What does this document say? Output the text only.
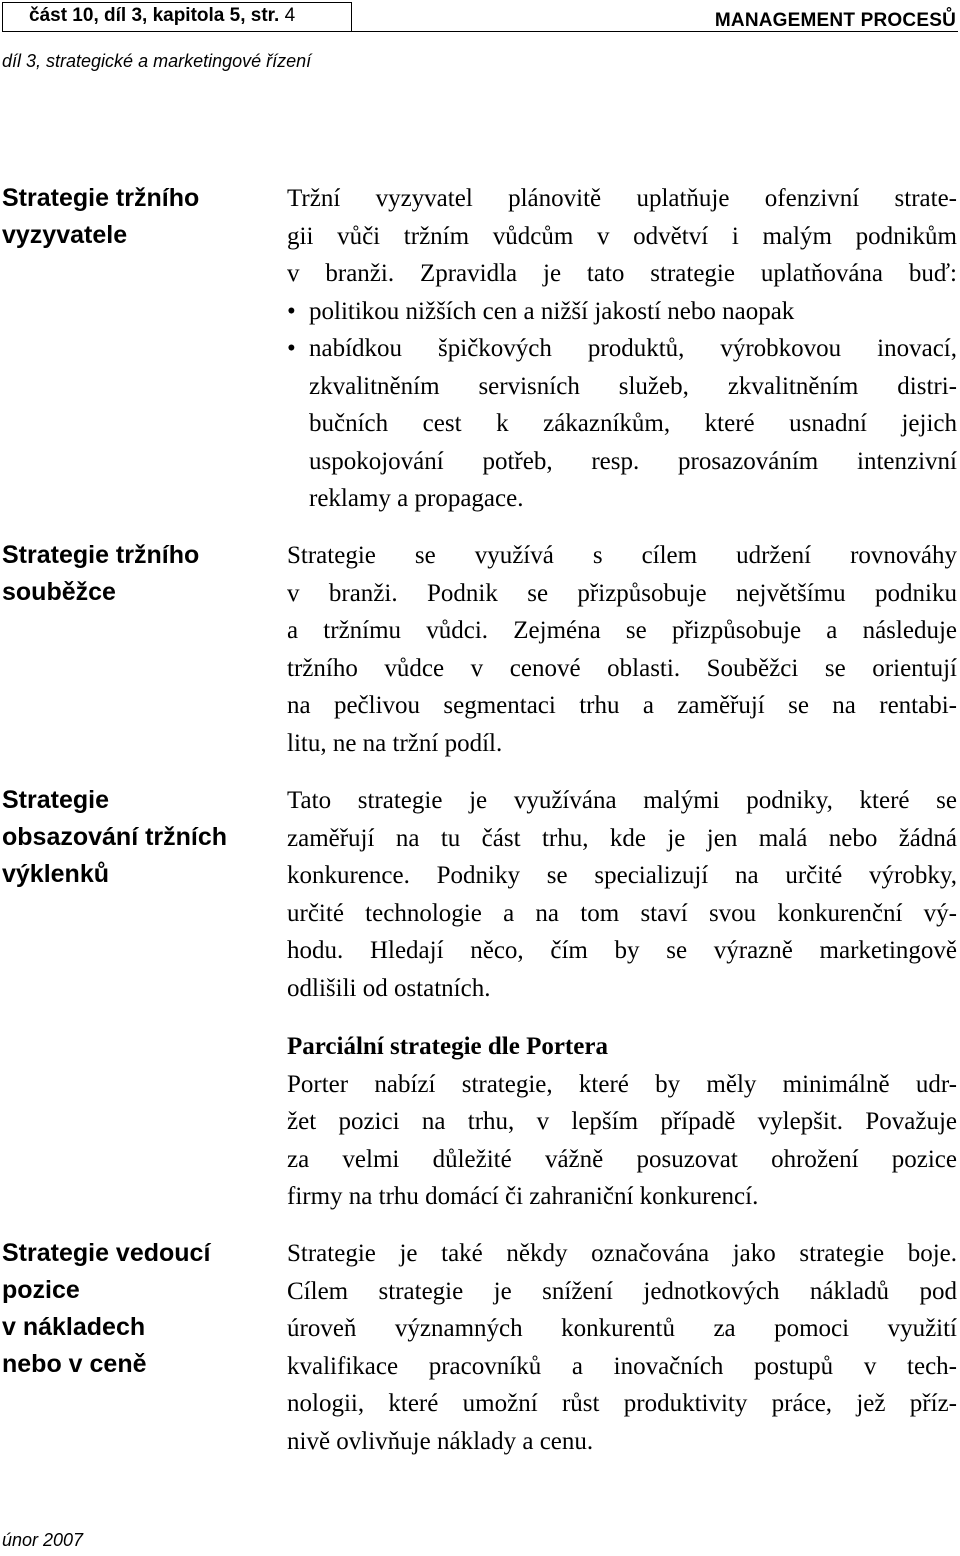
část 10, díl 3, kapitola 5, str. 4	MANAGEMENT PROCESŮ
díl 3, strategické a marketingové řízení
Strategie tržního
vyzyvatele
Tržní vyzyvatel plánovitě uplatňuje ofenzivní strate-
gii vůči tržním vůdcům v odvětví i malým podnikům
v branži. Zpravidla je tato strategie uplatňována buď:
• politikou nižších cen a nižší jakostí nebo naopak
• nabídkou špičkových produktů, výrobkovou inovací,
zkvalitněním servisních služeb, zkvalitněním distri-
bučních cest k zákazníkům, které usnadní jejich
uspokojování potřeb, resp. prosazováním intenzivní
reklamy a propagace.
Strategie tržního
souběžce
Strategie se využívá s cílem udržení rovnováhy
v branži. Podnik se přizpůsobuje největšímu podniku
a tržnímu vůdci. Zejména se přizpůsobuje a následuje
tržního vůdce v cenové oblasti. Souběžci se orientují
na pečlivou segmentaci trhu a zaměřují se na rentabi-
litu, ne na tržní podíl.
Strategie
obsazování tržních
výklenků
Tato strategie je využívána malými podniky, které se
zaměřují na tu část trhu, kde je jen malá nebo žádná
konkurence. Podniky se specializují na určité výrobky,
určité technologie a na tom staví svou konkurenční vý-
hodu. Hledají něco, čím by se výrazně marketingově
odlišili od ostatních.
Parciální strategie dle Portera
Porter nabízí strategie, které by měly minimálně udr-
žet pozici na trhu, v lepším případě vylepšit. Považuje
za velmi důležité vážně posuzovat ohrožení pozice
firmy na trhu domácí či zahraniční konkurencí.
Strategie vedoucí
pozice
v nákladech
nebo v ceně
Strategie je také někdy označována jako strategie boje.
Cílem strategie je snížení jednotkových nákladů pod
úroveň významných konkurentů za pomoci využití
kvalifikace pracovníků a inovačních postupů v tech-
nologii, které umožní růst produktivity práce, jež příz-
nivě ovlivňuje náklady a cenu.
únor 2007
